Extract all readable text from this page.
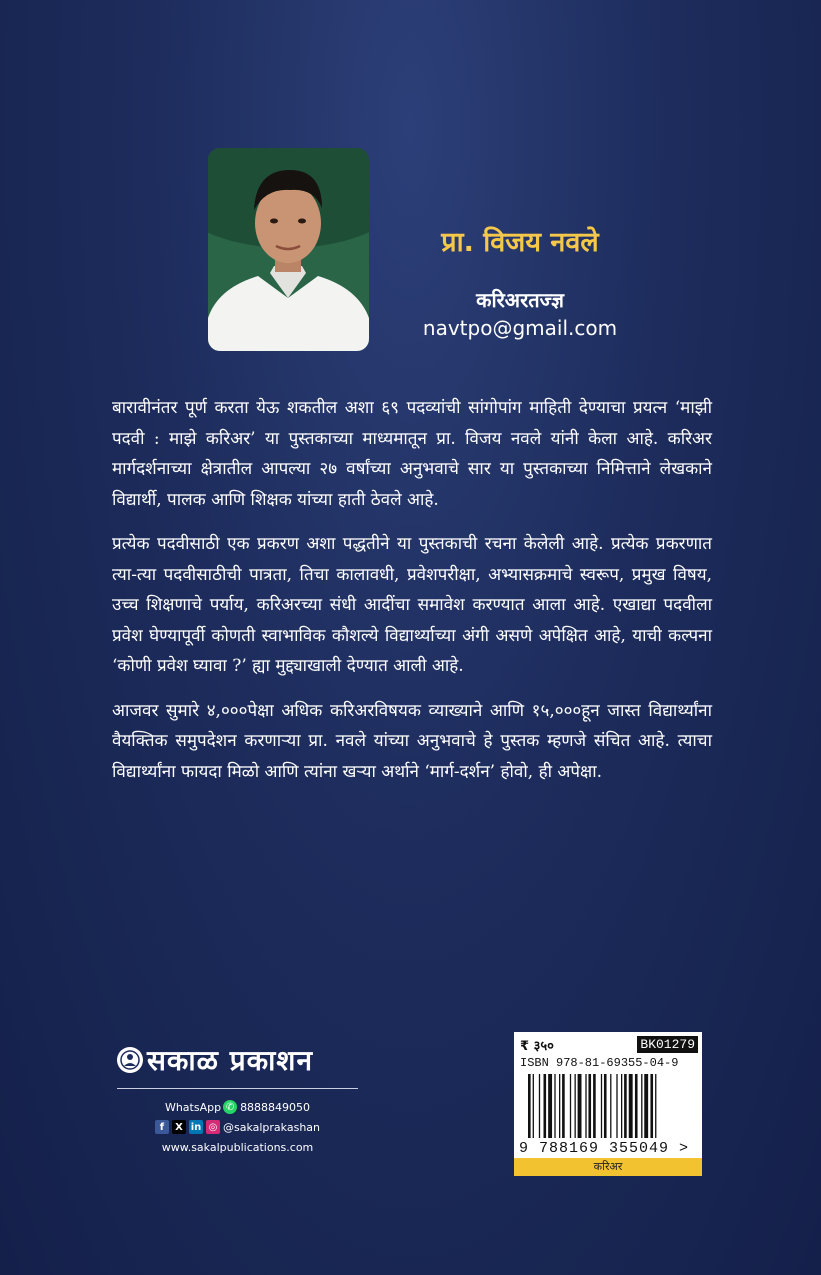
प्रा. विजय नवले
करिअरतज्ज्ञ
navtpo@gmail.com

बारावीनंतर पूर्ण करता येऊ शकतील अशा ६९ पदव्यांची सांगोपांग माहिती देण्याचा प्रयत्न ‘माझी पदवी : माझे करिअर’ या पुस्तकाच्या माध्यमातून प्रा. विजय नवले यांनी केला आहे. करिअर मार्गदर्शनाच्या क्षेत्रातील आपल्या २७ वर्षांच्या अनुभवाचे सार या पुस्तकाच्या निमित्ताने लेखकाने विद्यार्थी, पालक आणि शिक्षक यांच्या हाती ठेवले आहे.

प्रत्येक पदवीसाठी एक प्रकरण अशा पद्धतीने या पुस्तकाची रचना केलेली आहे. प्रत्येक प्रकरणात त्या-त्या पदवीसाठीची पात्रता, तिचा कालावधी, प्रवेशपरीक्षा, अभ्यासक्रमाचे स्वरूप, प्रमुख विषय, उच्च शिक्षणाचे पर्याय, करिअरच्या संधी आदींचा समावेश करण्यात आला आहे. एखाद्या पदवीला प्रवेश घेण्यापूर्वी कोणती स्वाभाविक कौशल्ये विद्यार्थ्याच्या अंगी असणे अपेक्षित आहे, याची कल्पना ‘कोणी प्रवेश घ्यावा ?’ ह्या मुद्द्याखाली देण्यात आली आहे.

आजवर सुमारे ४,०००पेक्षा अधिक करिअरविषयक व्याख्याने आणि १५,०००हून जास्त विद्यार्थ्यांना वैयक्तिक समुपदेशन करणाऱ्या प्रा. नवले यांच्या अनुभवाचे हे पुस्तक म्हणजे संचित आहे. त्याचा विद्यार्थ्यांना फायदा मिळो आणि त्यांना खऱ्या अर्थाने ‘मार्ग-दर्शन’ होवो, ही अपेक्षा.

सकाळ प्रकाशन
WhatsApp ✆ 8888849050
f	X in ◎ @sakalprakashan
www.sakalpublications.com
₹ ३५०	BK01279
ISBN 978-81-69355-04-9
9 788169 355049 >
करिअर
